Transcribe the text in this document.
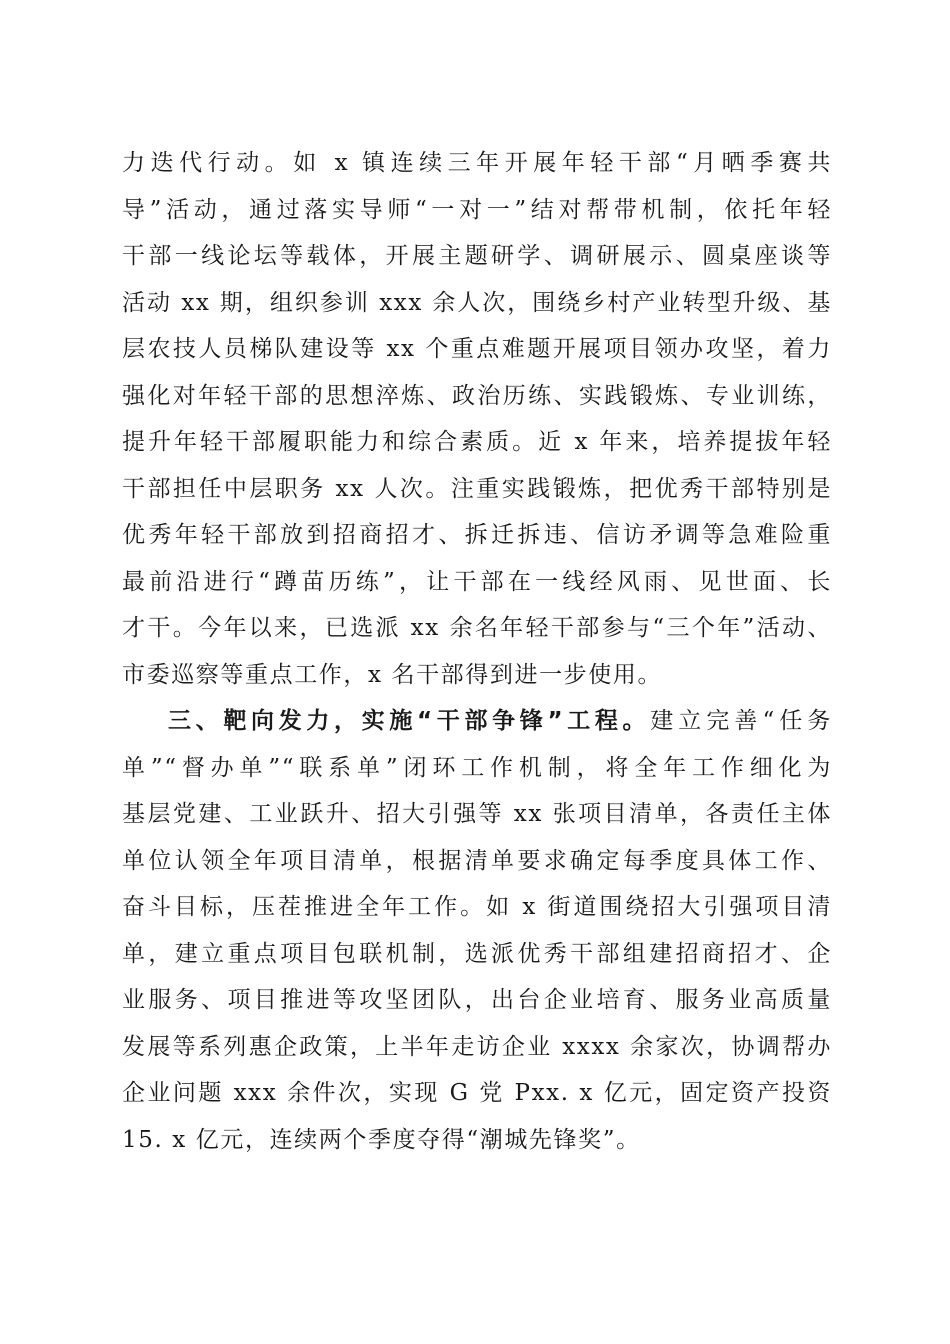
力迭代行动。如 x 镇连续三年开展年轻干部“月晒季赛共
导”活动，通过落实导师“一对一”结对帮带机制，依托年轻
干部一线论坛等载体，开展主题研学、调研展示、圆桌座谈等
活动 xx 期，组织参训 xxx 余人次，围绕乡村产业转型升级、基
层农技人员梯队建设等 xx 个重点难题开展项目领办攻坚，着力
强化对年轻干部的思想淬炼、政治历练、实践锻炼、专业训练，
提升年轻干部履职能力和综合素质。近 x 年来，培养提拔年轻
干部担任中层职务 xx 人次。注重实践锻炼，把优秀干部特别是
优秀年轻干部放到招商招才、拆迁拆违、信访矛调等急难险重
最前沿进行“蹲苗历练”，让干部在一线经风雨、见世面、长
才干。今年以来，已选派 xx 余名年轻干部参与“三个年”活动、
市委巡察等重点工作，x 名干部得到进一步使用。
三、靶向发力，实施“干部争锋”工程。建立完善“任务
单”“督办单”“联系单”闭环工作机制，将全年工作细化为
基层党建、工业跃升、招大引强等 xx 张项目清单，各责任主体
单位认领全年项目清单，根据清单要求确定每季度具体工作、
奋斗目标，压茬推进全年工作。如 x 街道围绕招大引强项目清
单，建立重点项目包联机制，选派优秀干部组建招商招才、企
业服务、项目推进等攻坚团队，出台企业培育、服务业高质量
发展等系列惠企政策，上半年走访企业 xxxx 余家次，协调帮办
企业问题 xxx 余件次，实现 G 党 Pxx. x 亿元，固定资产投资
15. x 亿元，连续两个季度夺得“潮城先锋奖”。
